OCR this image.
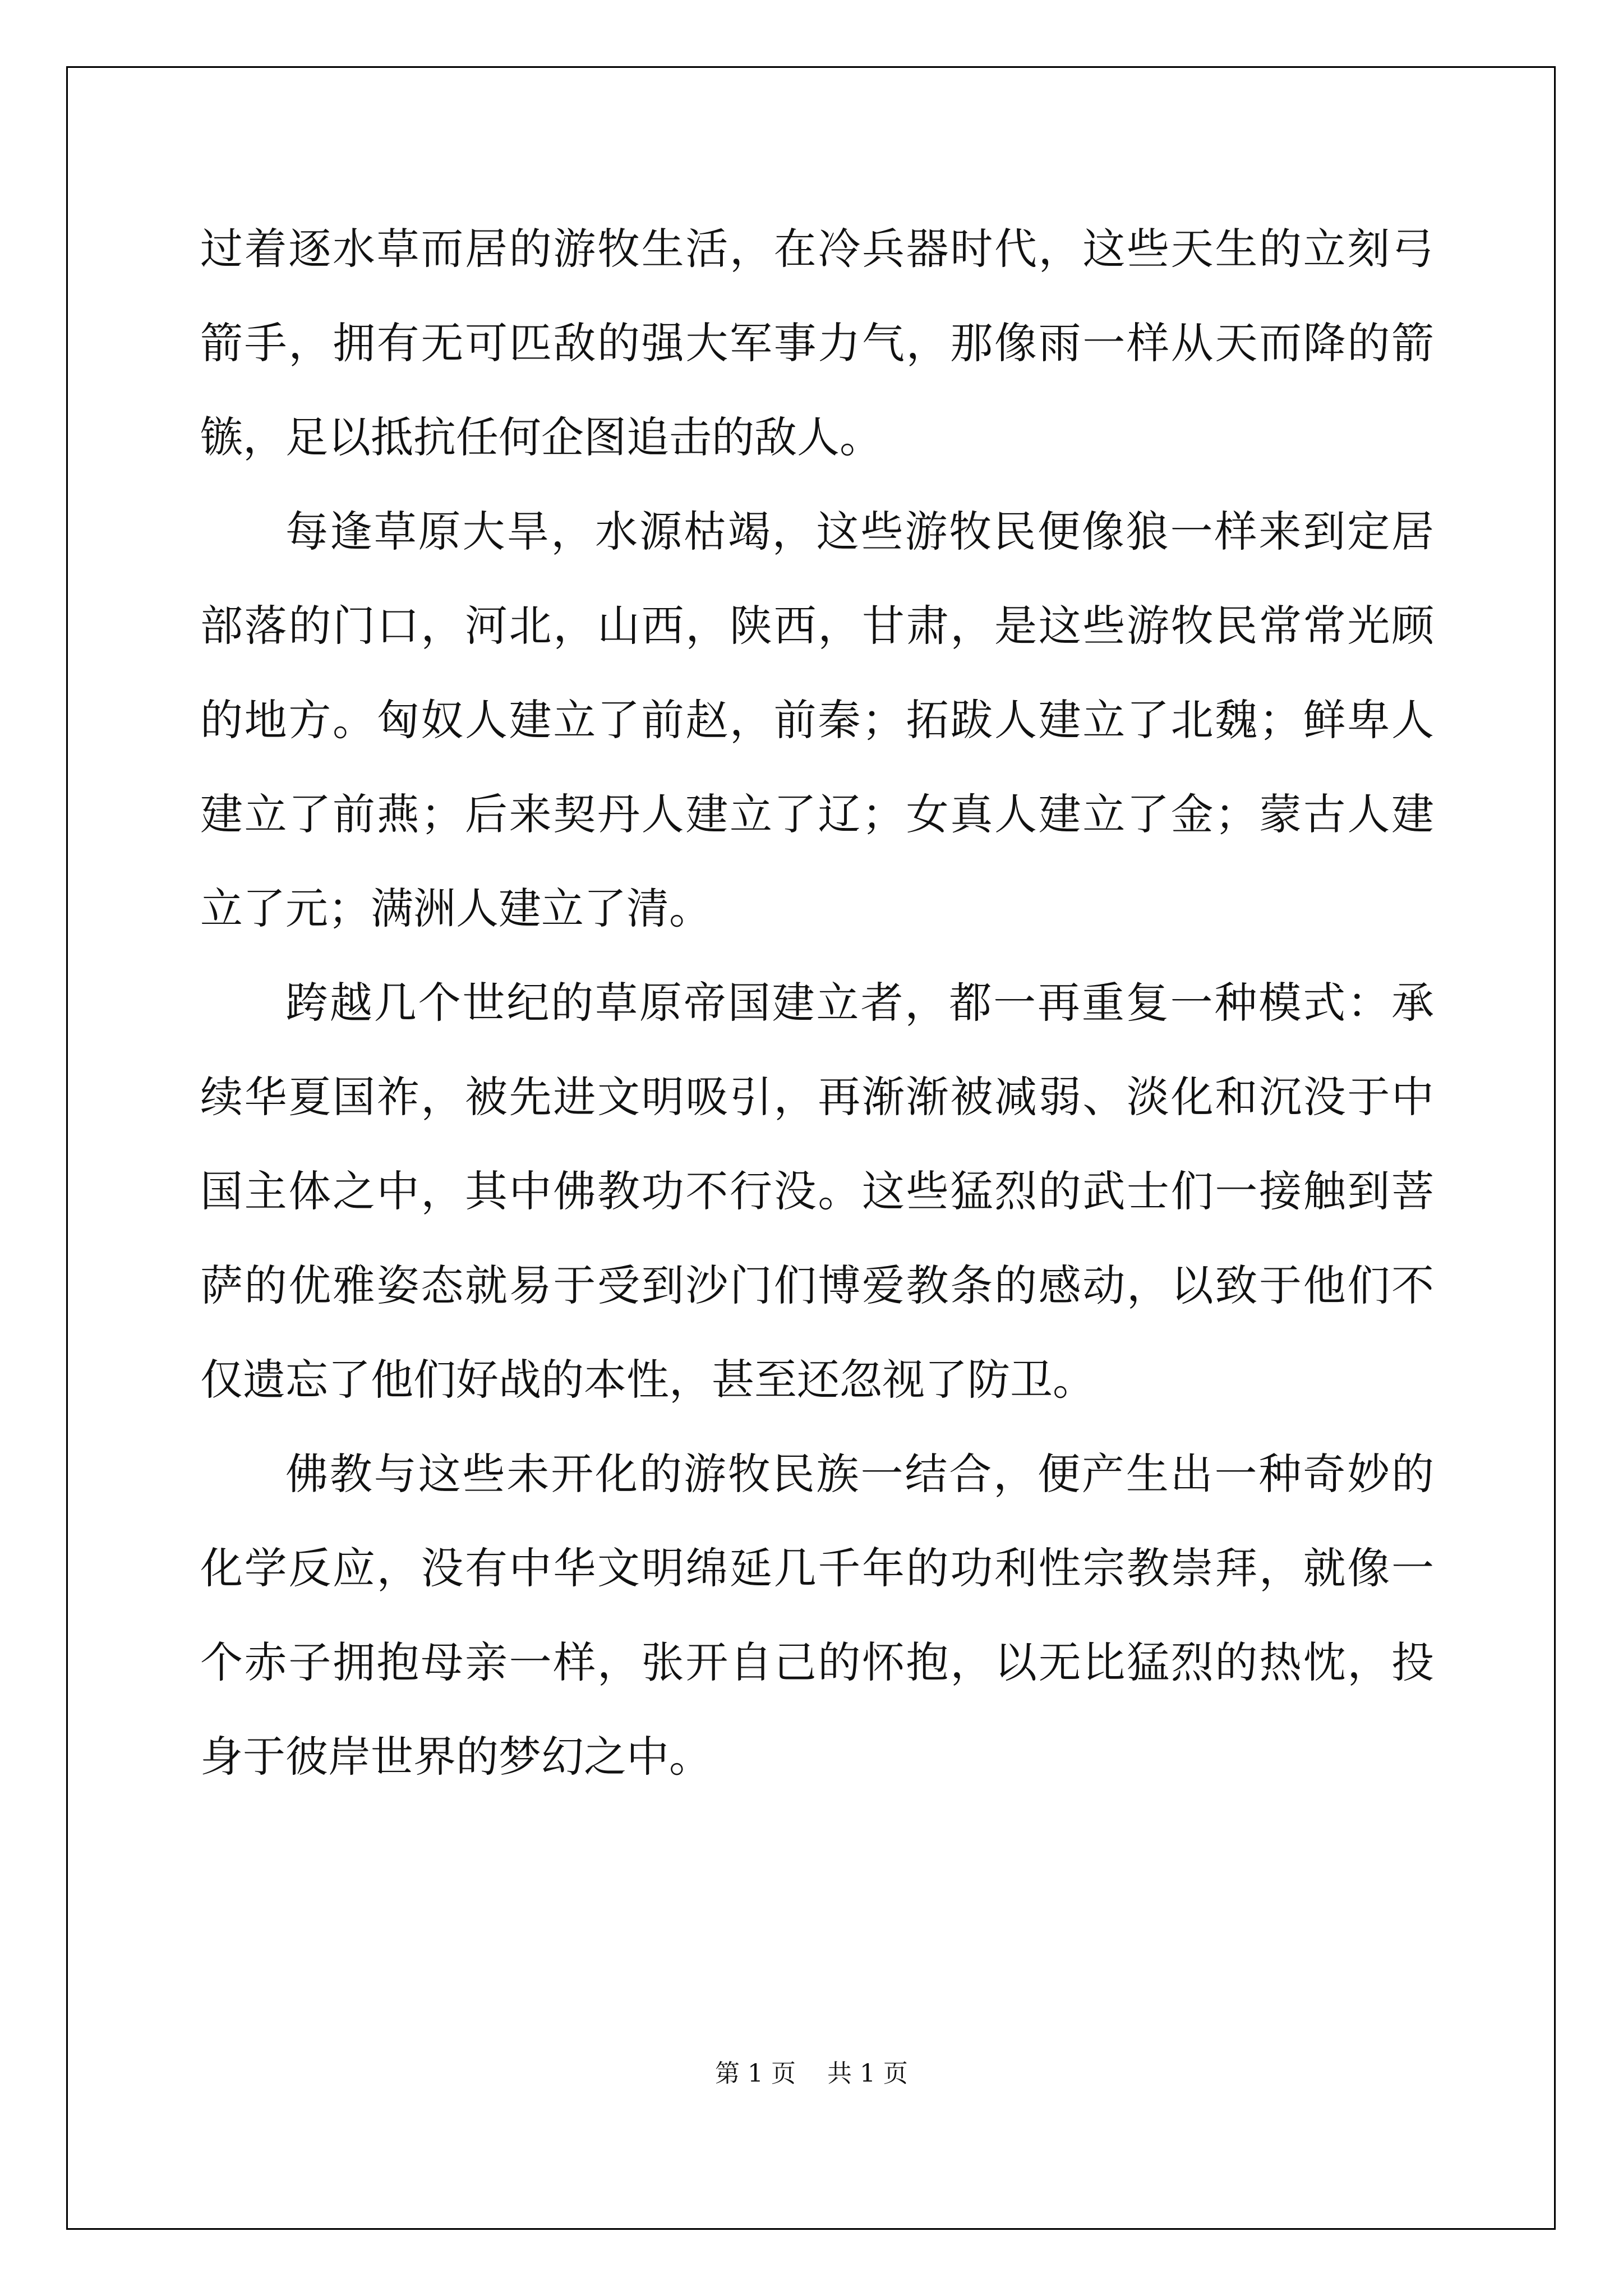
过着逐水草而居的游牧生活，在冷兵器时代，这些天生的立刻弓箭手，拥有无可匹敌的强大军事力气，那像雨一样从天而降的箭镞，足以抵抗任何企图追击的敌人。

每逢草原大旱，水源枯竭，这些游牧民便像狼一样来到定居部落的门口，河北，山西，陕西，甘肃，是这些游牧民常常光顾的地方。匈奴人建立了前赵，前秦；拓跋人建立了北魏；鲜卑人建立了前燕；后来契丹人建立了辽；女真人建立了金；蒙古人建立了元；满洲人建立了清。

跨越几个世纪的草原帝国建立者，都一再重复一种模式：承续华夏国祚，被先进文明吸引，再渐渐被减弱、淡化和沉没于中国主体之中，其中佛教功不行没。这些猛烈的武士们一接触到菩萨的优雅姿态就易于受到沙门们博爱教条的感动，以致于他们不仅遗忘了他们好战的本性，甚至还忽视了防卫。

佛教与这些未开化的游牧民族一结合，便产生出一种奇妙的化学反应，没有中华文明绵延几千年的功利性宗教崇拜，就像一个赤子拥抱母亲一样，张开自己的怀抱，以无比猛烈的热忱，投身于彼岸世界的梦幻之中。

第 1 页    共 1 页
